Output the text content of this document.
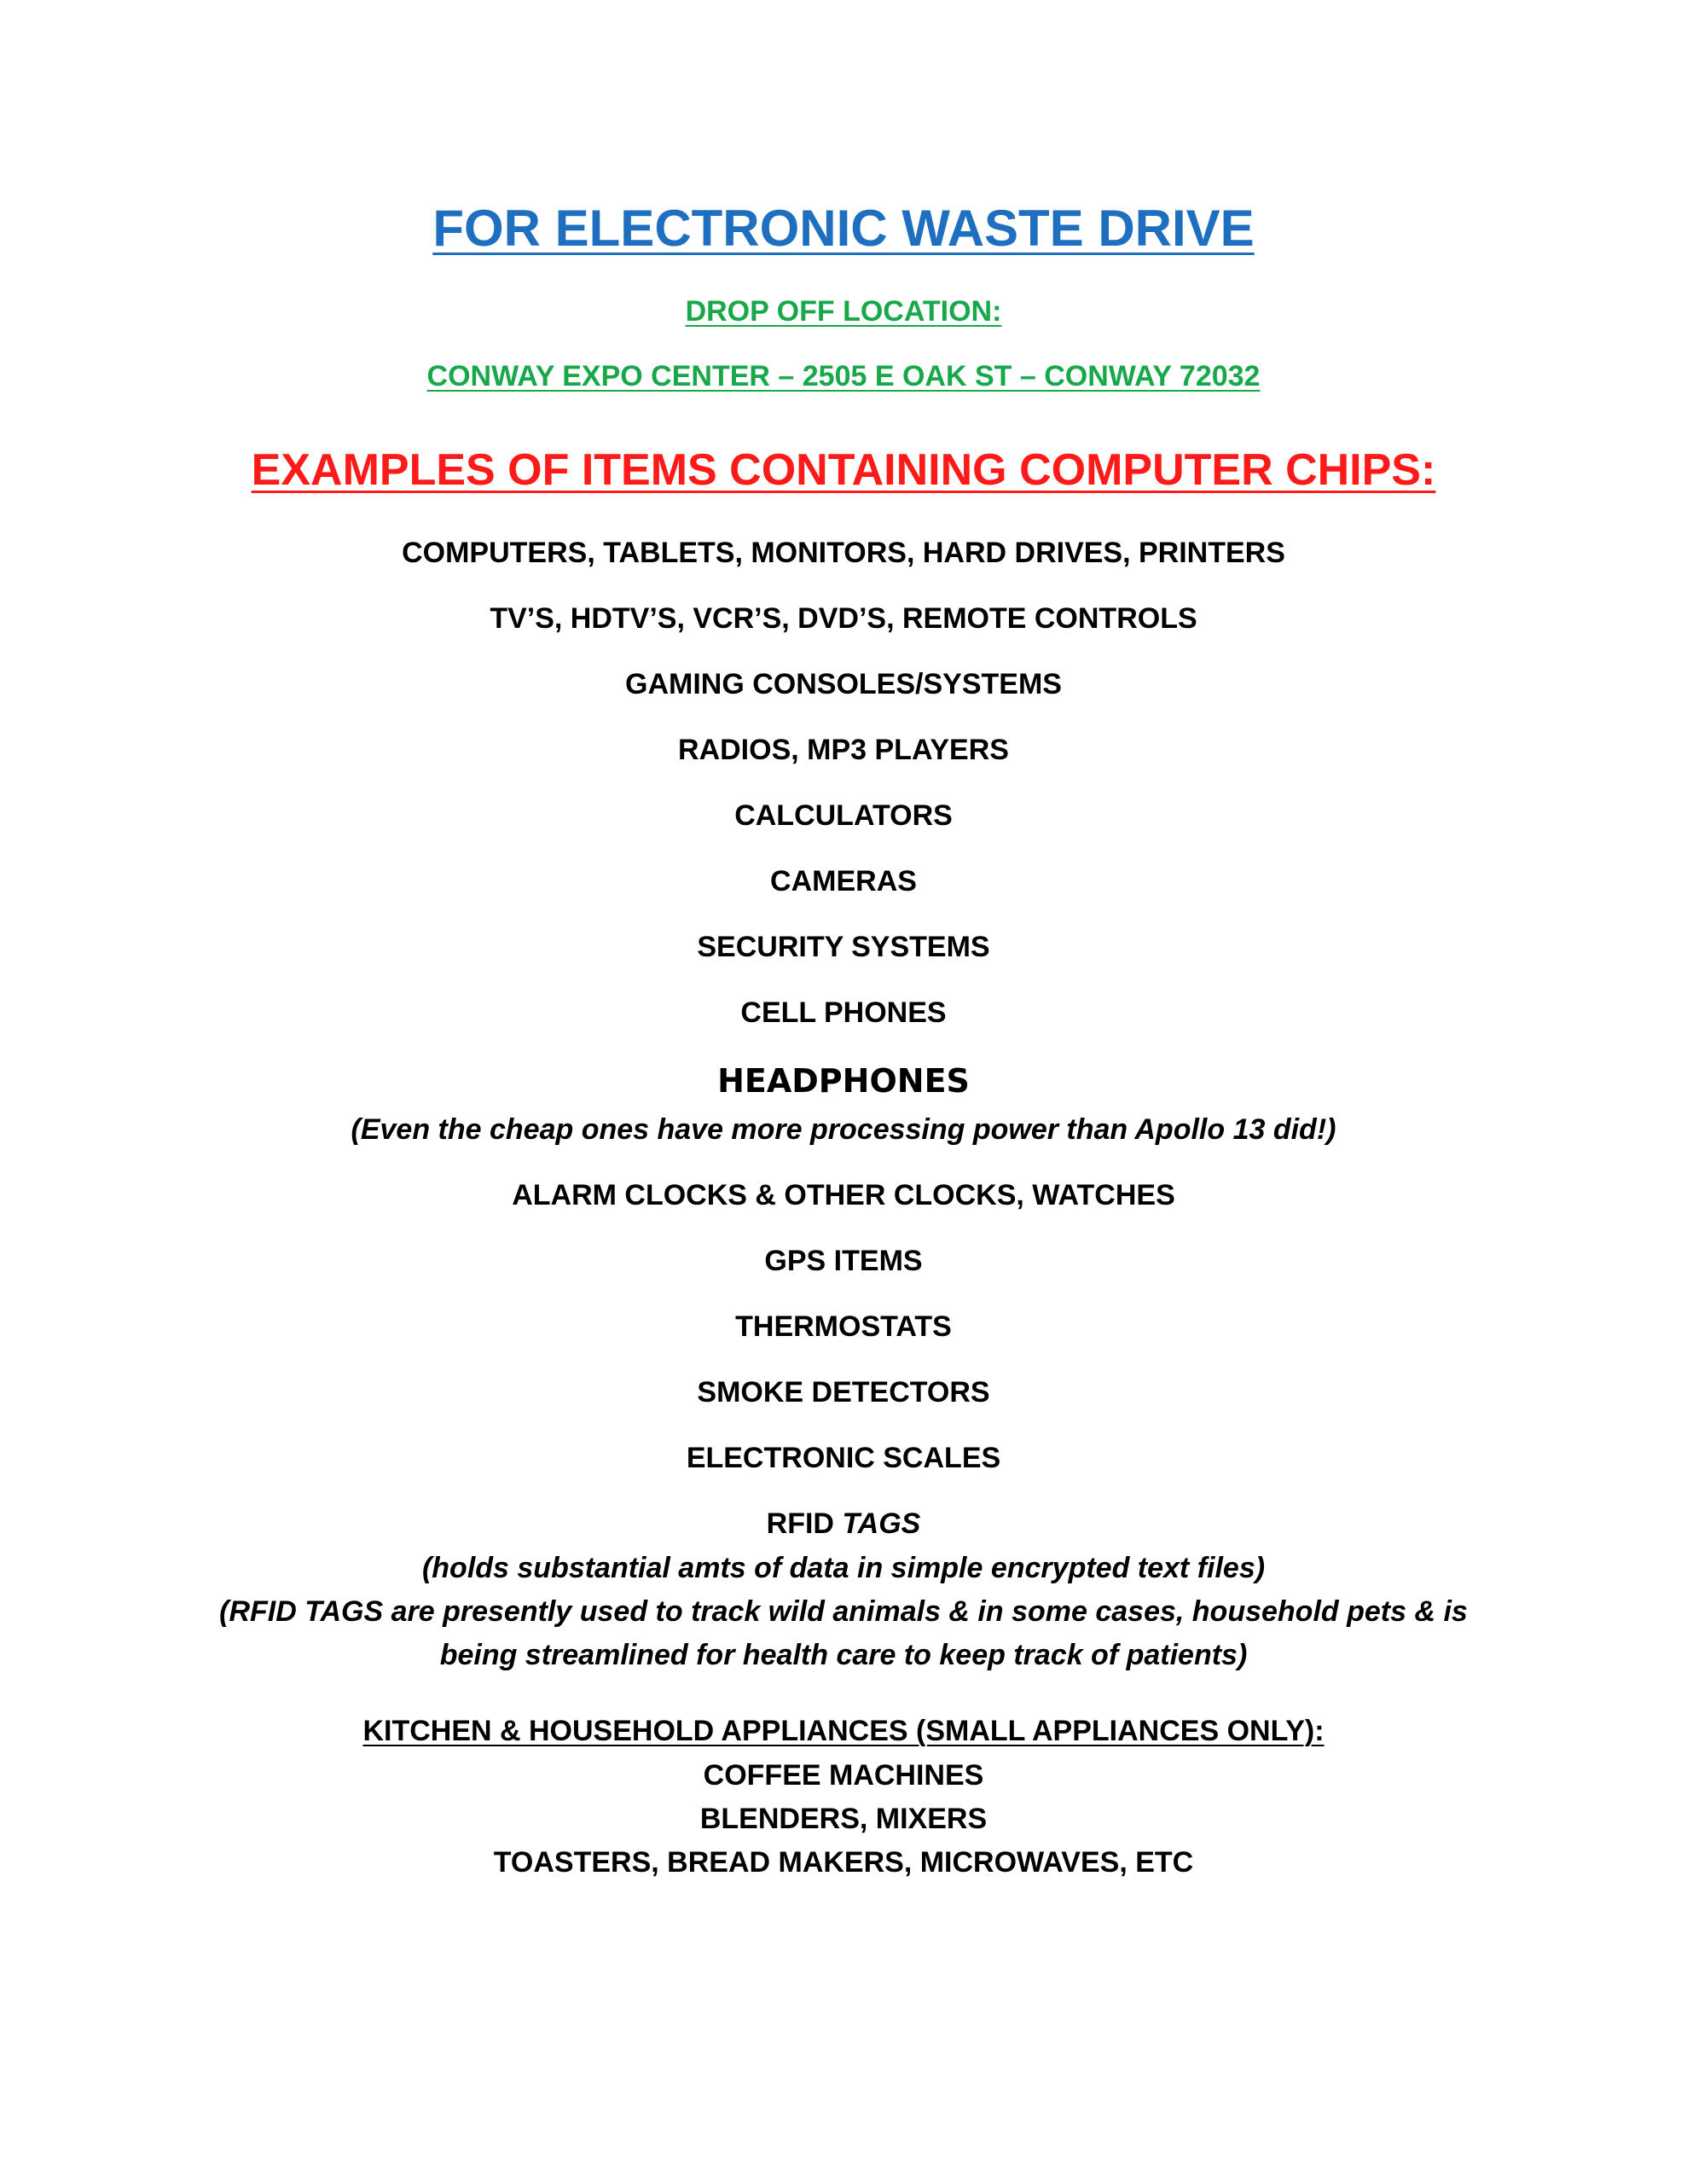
FOR ELECTRONIC WASTE DRIVE
DROP OFF LOCATION:
CONWAY EXPO CENTER – 2505 E OAK ST – CONWAY 72032
EXAMPLES OF ITEMS CONTAINING COMPUTER CHIPS:
COMPUTERS, TABLETS, MONITORS, HARD DRIVES, PRINTERS
TV’S, HDTV’S, VCR’S, DVD’S, REMOTE CONTROLS
GAMING CONSOLES/SYSTEMS
RADIOS, MP3 PLAYERS
CALCULATORS
CAMERAS
SECURITY SYSTEMS
CELL PHONES
HEADPHONES
(Even the cheap ones have more processing power than Apollo 13 did!)
ALARM CLOCKS & OTHER CLOCKS, WATCHES
GPS ITEMS
THERMOSTATS
SMOKE DETECTORS
ELECTRONIC SCALES
RFID TAGS
(holds substantial amts of data in simple encrypted text files)
(RFID TAGS are presently used to track wild animals & in some cases, household pets & is
being streamlined for health care to keep track of patients)
KITCHEN & HOUSEHOLD APPLIANCES (SMALL APPLIANCES ONLY):
COFFEE MACHINES
BLENDERS, MIXERS
TOASTERS, BREAD MAKERS, MICROWAVES, ETC
